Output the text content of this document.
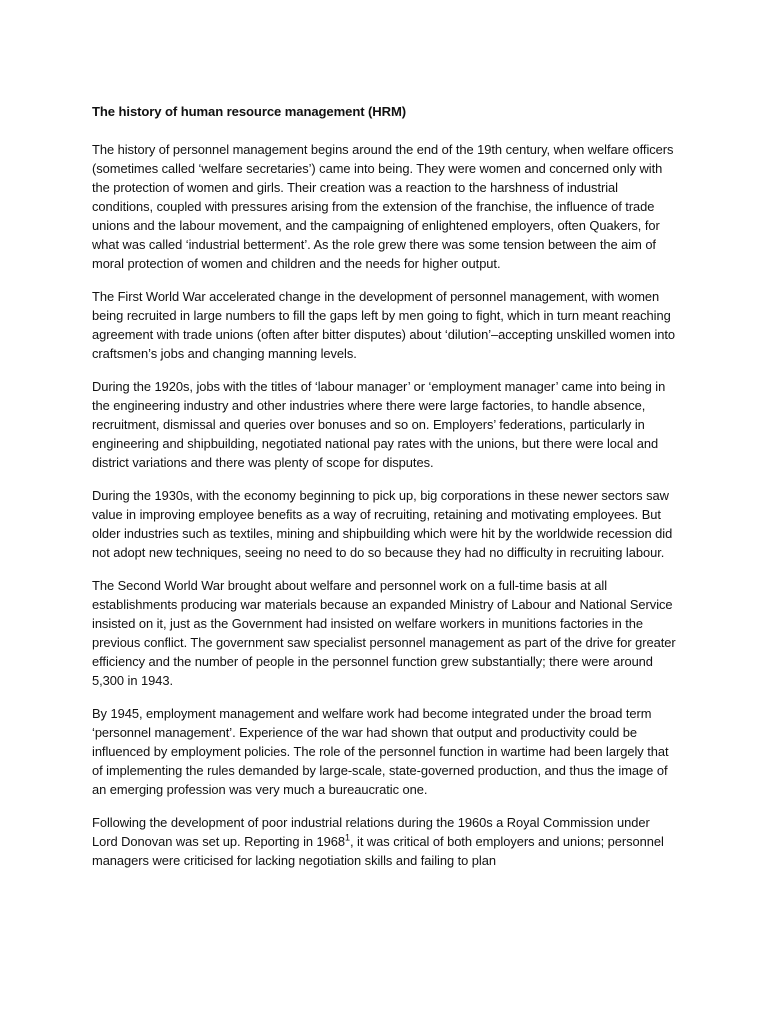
The history of human resource management (HRM)

The history of personnel management begins around the end of the 19th century, when welfare officers (sometimes called ‘welfare secretaries’) came into being. They were women and concerned only with the protection of women and girls. Their creation was a reaction to the harshness of industrial conditions, coupled with pressures arising from the extension of the franchise, the influence of trade unions and the labour movement, and the campaigning of enlightened employers, often Quakers, for what was called ‘industrial betterment’. As the role grew there was some tension between the aim of moral protection of women and children and the needs for higher output.

The First World War accelerated change in the development of personnel management, with women being recruited in large numbers to fill the gaps left by men going to fight, which in turn meant reaching agreement with trade unions (often after bitter disputes) about ‘dilution’–accepting unskilled women into craftsmen’s jobs and changing manning levels.

During the 1920s, jobs with the titles of ‘labour manager’ or ‘employment manager’ came into being in the engineering industry and other industries where there were large factories, to handle absence, recruitment, dismissal and queries over bonuses and so on. Employers’ federations, particularly in engineering and shipbuilding, negotiated national pay rates with the unions, but there were local and district variations and there was plenty of scope for disputes.

During the 1930s, with the economy beginning to pick up, big corporations in these newer sectors saw value in improving employee benefits as a way of recruiting, retaining and motivating employees. But older industries such as textiles, mining and shipbuilding which were hit by the worldwide recession did not adopt new techniques, seeing no need to do so because they had no difficulty in recruiting labour.

The Second World War brought about welfare and personnel work on a full-time basis at all establishments producing war materials because an expanded Ministry of Labour and National Service insisted on it, just as the Government had insisted on welfare workers in munitions factories in the previous conflict. The government saw specialist personnel management as part of the drive for greater efficiency and the number of people in the personnel function grew substantially; there were around 5,300 in 1943.

By 1945, employment management and welfare work had become integrated under the broad term ‘personnel management’. Experience of the war had shown that output and productivity could be influenced by employment policies. The role of the personnel function in wartime had been largely that of implementing the rules demanded by large-scale, state-governed production, and thus the image of an emerging profession was very much a bureaucratic one.

Following the development of poor industrial relations during the 1960s a Royal Commission under Lord Donovan was set up. Reporting in 1968$^1$, it was critical of both employers and unions; personnel managers were criticised for lacking negotiation skills and failing to plan
